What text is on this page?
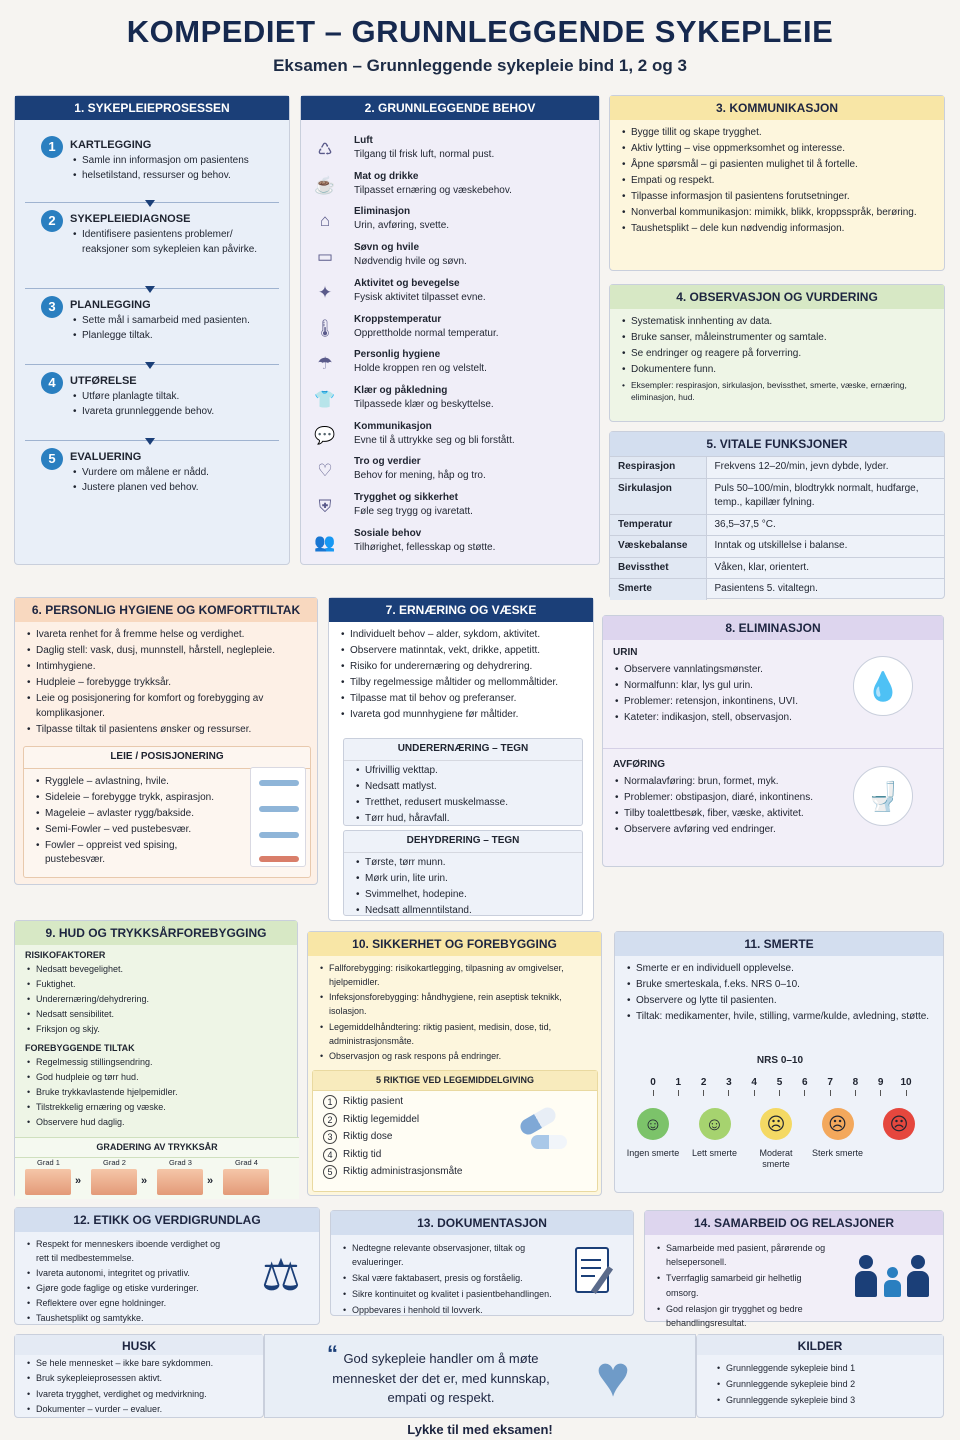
KOMPEDIET – GRUNNLEGGENDE SYKEPLEIE
Eksamen – Grunnleggende sykepleie bind 1, 2 og 3
1. SYKEPLEIEPROSESSEN
1	KARTLEGGING
• Samle inn informasjon om pasientens
• helsetilstand, ressurser og behov.
2	SYKEPLEIEDIAGNOSE
• Identifisere pasientens problemer/ reaksjoner som sykepleien kan påvirke.
3	PLANLEGGING
• Sette mål i samarbeid med pasienten.
• Planlegge tiltak.
4	UTFØRELSE
• Utføre planlagte tiltak.
• Ivareta grunnleggende behov.
5	EVALUERING
• Vurdere om målene er nådd.
• Justere planen ved behov.
2. GRUNNLEGGENDE BEHOV
♺	Luft
Tilgang til frisk luft, normal pust.
☕ Mat og drikke
Tilpasset ernæring og væskebehov.
⌂	Eliminasjon
Urin, avføring, svette.
▭	Søvn og hvile
Nødvendig hvile og søvn.
✦	Aktivitet og bevegelse
Fysisk aktivitet tilpasset evne.
🌡 Kroppstemperatur
Opprettholde normal temperatur.
☂	Personlig hygiene
Holde kroppen ren og velstelt.
👕 Klær og påkledning
Tilpassede klær og beskyttelse.
💬 Kommunikasjon
Evne til å uttrykke seg og bli forstått.
♡	Tro og verdier
Behov for mening, håp og tro.
⛨	Trygghet og sikkerhet
Føle seg trygg og ivaretatt.
👥 Sosiale behov
Tilhørighet, fellesskap og støtte.
3. KOMMUNIKASJON
• Bygge tillit og skape trygghet.
• Aktiv lytting – vise oppmerksomhet og interesse.
• Åpne spørsmål – gi pasienten mulighet til å fortelle.
• Empati og respekt.
• Tilpasse informasjon til pasientens forutsetninger.
• Nonverbal kommunikasjon: mimikk, blikk, kroppsspråk, berøring.
• Taushetsplikt – dele kun nødvendig informasjon.
4. OBSERVASJON OG VURDERING
• Systematisk innhenting av data.
• Bruke sanser, måleinstrumenter og samtale.
• Se endringer og reagere på forverring.
• Dokumentere funn.
• Eksempler: respirasjon, sirkulasjon, bevissthet, smerte, væske, ernæring, eliminasjon, hud.
5. VITALE FUNKSJONER
Respirasjon	Frekvens 12–20/min, jevn dybde, lyder.
Sirkulasjon	Puls 50–100/min, blodtrykk normalt, hudfarge, temp., kapillær fylning.
Temperatur	36,5–37,5 °C.
Væskebalanse	Inntak og utskillelse i balanse.
Bevissthet	Våken, klar, orientert.
Smerte	Pasientens 5. vitaltegn.
6. PERSONLIG HYGIENE OG KOMFORTTILTAK
• Ivareta renhet for å fremme helse og verdighet.
• Daglig stell: vask, dusj, munnstell, hårstell, neglepleie.
• Intimhygiene.
• Hudpleie – forebygge trykksår.
• Leie og posisjonering for komfort og forebygging av komplikasjoner.
• Tilpasse tiltak til pasientens ønsker og ressurser.
LEIE / POSISJONERING
• Rygglele – avlastning, hvile.
• Sideleie – forebygge trykk, aspirasjon.
• Mageleie – avlaster rygg/bakside.
• Semi-Fowler – ved pustebesvær.
• Fowler – oppreist ved spising, pustebesvær.
7. ERNÆRING OG VÆSKE
• Individuelt behov – alder, sykdom, aktivitet.
• Observere matinntak, vekt, drikke, appetitt.
• Risiko for underernæring og dehydrering.
• Tilby regelmessige måltider og mellommåltider.
• Tilpasse mat til behov og preferanser.
• Ivareta god munnhygiene før måltider.
UNDERERNÆRING – TEGN
• Ufrivillig vekttap.
• Nedsatt matlyst.
• Tretthet, redusert muskelmasse.
• Tørr hud, håravfall.
DEHYDRERING – TEGN
• Tørste, tørr munn.
• Mørk urin, lite urin.
• Svimmelhet, hodepine.
• Nedsatt allmenntilstand.
8. ELIMINASJON
URIN
• Observere vannlatingsmønster.
• Normalfunn: klar, lys gul urin.
• Problemer: retensjon, inkontinens, UVI.
• Kateter: indikasjon, stell, observasjon.
💧
AVFØRING
• Normalavføring: brun, formet, myk.
• Problemer: obstipasjon, diaré, inkontinens.
• Tilby toalettbesøk, fiber, væske, aktivitet.
• Observere avføring ved endringer.
🚽
9. HUD OG TRYKKSÅRFOREBYGGING
RISIKOFAKTORER
• Nedsatt bevegelighet.
• Fuktighet.
• Underernæring/dehydrering.
• Nedsatt sensibilitet.
• Friksjon og skjy.
FOREBYGGENDE TILTAK
• Regelmessig stillingsendring.
• God hudpleie og tørr hud.
• Bruke trykkavlastende hjelpemidler.
• Tilstrekkelig ernæring og væske.
• Observere hud daglig.
GRADERING AV TRYKKSÅR
Grad 1
»
Grad 2
»
Grad 3
»
Grad 4
10. SIKKERHET OG FOREBYGGING
• Fallforebygging: risikokartlegging, tilpasning av omgivelser, hjelpemidler.
• Infeksjonsforebygging: håndhygiene, rein aseptisk teknikk, isolasjon.
• Legemiddelhåndtering: riktig pasient, medisin, dose, tid, administrasjonsmåte.
• Observasjon og rask respons på endringer.
5 RIKTIGE VED LEGEMIDDELGIVING
1	Riktig pasient
2	Riktig legemiddel
3	Riktig dose
4	Riktig tid
5	Riktig administrasjonsmåte
11. SMERTE
• Smerte er en individuell opplevelse.
• Bruke smerteskala, f.eks. NRS 0–10.
• Observere og lytte til pasienten.
• Tiltak: medikamenter, hvile, stilling, varme/kulde, avledning, støtte.
NRS 0–10
0	1	2	3	4	5	6	7	8	9	10
☺
Ingen smerte
☺
Lett smerte
☹
Moderat smerte
☹
Sterk smerte
☹
12. ETIKK OG VERDIGRUNDLAG
• Respekt for menneskers iboende verdighet og rett til medbestemmelse.
• Ivareta autonomi, integritet og privatliv.
• Gjøre gode faglige og etiske vurderinger.
• Reflektere over egne holdninger.
• Taushetsplikt og samtykke.
⚖
13. DOKUMENTASJON
• Nedtegne relevante observasjoner, tiltak og evalueringer.
• Skal være faktabasert, presis og forståelig.
• Sikre kontinuitet og kvalitet i pasientbehandlingen.
• Oppbevares i henhold til lovverk.
14. SAMARBEID OG RELASJONER
• Samarbeide med pasient, pårørende og helsepersonell.
• Tverrfaglig samarbeid gir helhetlig omsorg.
• God relasjon gir trygghet og bedre behandlingsresultat.
HUSK
• Se hele mennesket – ikke bare sykdommen.
• Bruk sykepleieprosessen aktivt.
• Ivareta trygghet, verdighet og medvirkning.
• Dokumenter – vurder – evaluer.
“ God sykepleie handler om å møte mennesket der det er, med kunnskap, empati og respekt.	♥	KILDER
• Grunnleggende sykepleie bind 1
• Grunnleggende sykepleie bind 2
• Grunnleggende sykepleie bind 3
Lykke til med eksamen!
